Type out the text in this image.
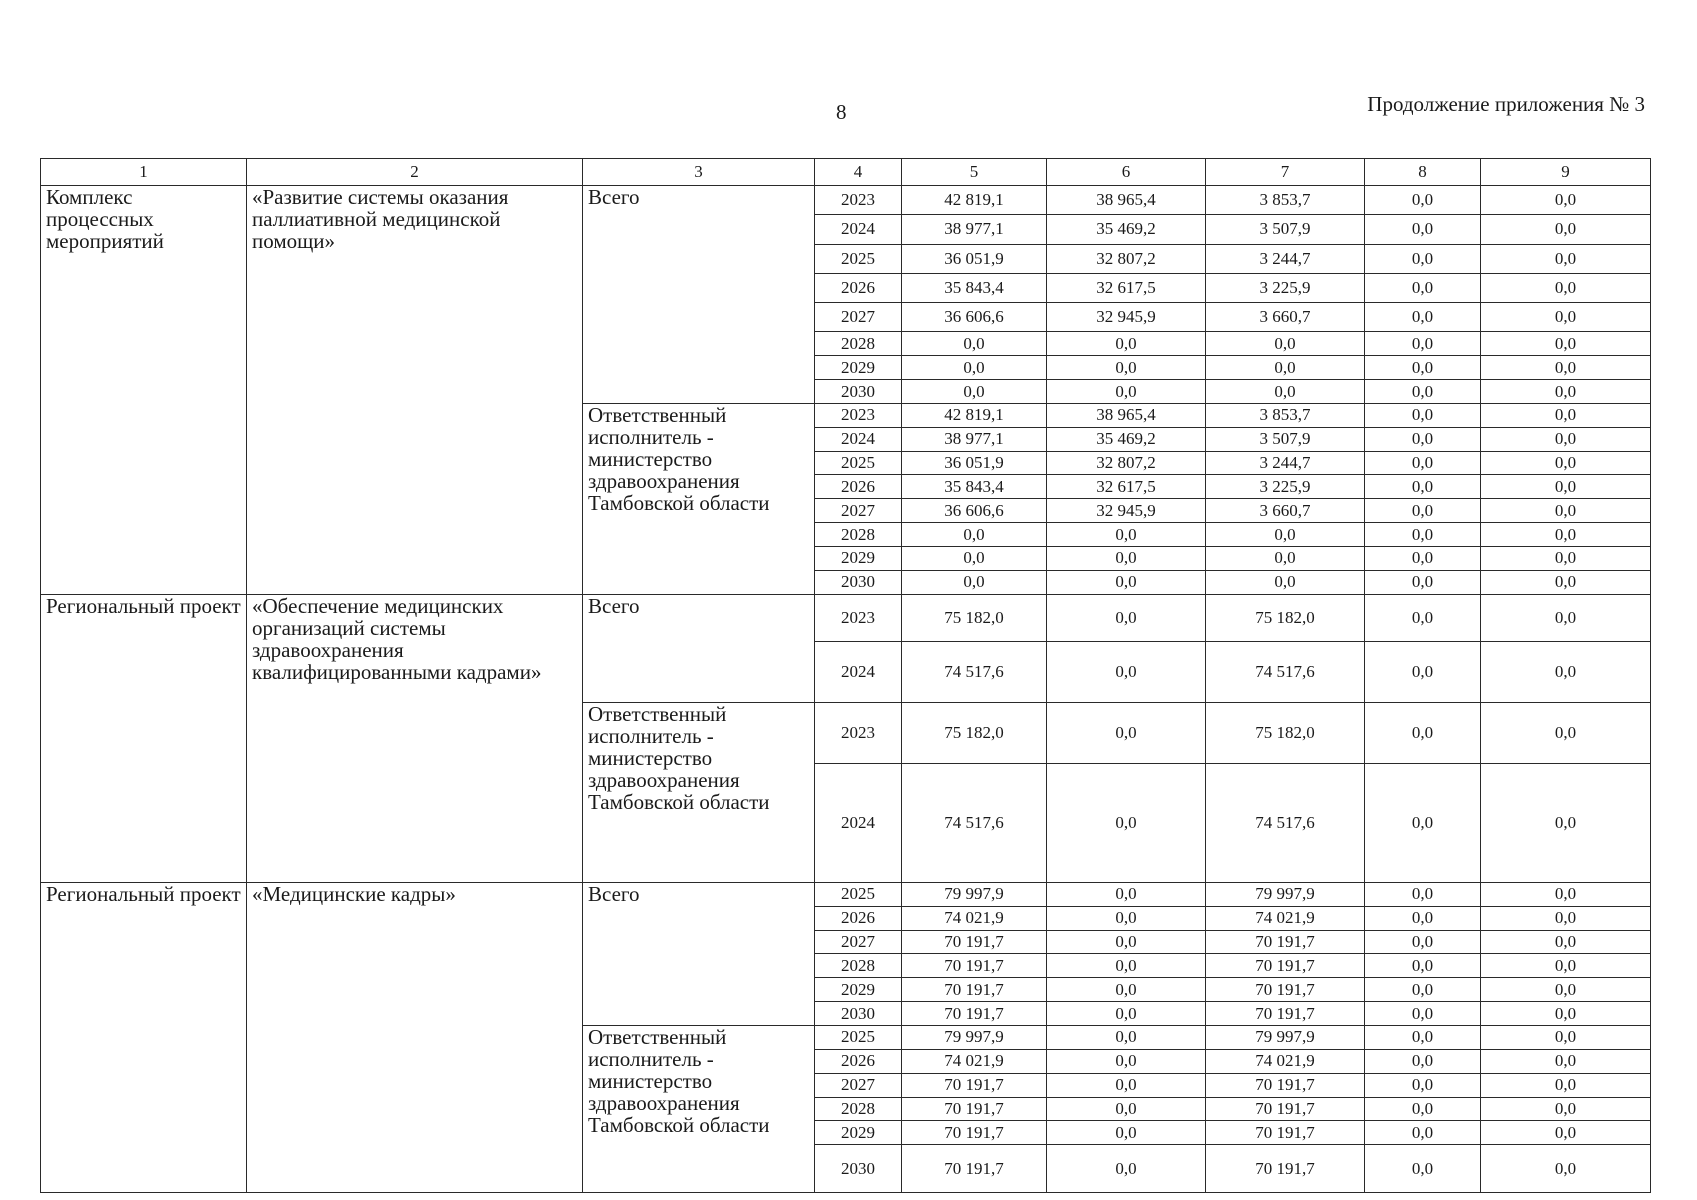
8	Продолжение приложения № 3
1	2	3	4	5	6	7	8	9
Комплекс процессных мероприятий	«Развитие системы оказания паллиативной медицинской помощи»	Всего	2023	42 819,1	38 965,4	3 853,7	0,0	0,0
			2024	38 977,1	35 469,2	3 507,9	0,0	0,0
			2025	36 051,9	32 807,2	3 244,7	0,0	0,0
			2026	35 843,4	32 617,5	3 225,9	0,0	0,0
			2027	36 606,6	32 945,9	3 660,7	0,0	0,0
			2028	0,0	0,0	0,0	0,0	0,0
			2029	0,0	0,0	0,0	0,0	0,0
			2030	0,0	0,0	0,0	0,0	0,0
		Ответственный исполнитель - министерство здравоохранения Тамбовской области	2023	42 819,1	38 965,4	3 853,7	0,0	0,0
			2024	38 977,1	35 469,2	3 507,9	0,0	0,0
			2025	36 051,9	32 807,2	3 244,7	0,0	0,0
			2026	35 843,4	32 617,5	3 225,9	0,0	0,0
			2027	36 606,6	32 945,9	3 660,7	0,0	0,0
			2028	0,0	0,0	0,0	0,0	0,0
			2029	0,0	0,0	0,0	0,0	0,0
			2030	0,0	0,0	0,0	0,0	0,0
Региональный проект	«Обеспечение медицинских организаций системы здравоохранения квалифицированными кадрами»	Всего	2023	75 182,0	0,0	75 182,0	0,0	0,0
			2024	74 517,6	0,0	74 517,6	0,0	0,0
		Ответственный исполнитель - министерство здравоохранения Тамбовской области	2023	75 182,0	0,0	75 182,0	0,0	0,0
			2024	74 517,6	0,0	74 517,6	0,0	0,0
Региональный проект	«Медицинские кадры»	Всего	2025	79 997,9	0,0	79 997,9	0,0	0,0
			2026	74 021,9	0,0	74 021,9	0,0	0,0
			2027	70 191,7	0,0	70 191,7	0,0	0,0
			2028	70 191,7	0,0	70 191,7	0,0	0,0
			2029	70 191,7	0,0	70 191,7	0,0	0,0
			2030	70 191,7	0,0	70 191,7	0,0	0,0
		Ответственный исполнитель - министерство здравоохранения Тамбовской области	2025	79 997,9	0,0	79 997,9	0,0	0,0
			2026	74 021,9	0,0	74 021,9	0,0	0,0
			2027	70 191,7	0,0	70 191,7	0,0	0,0
			2028	70 191,7	0,0	70 191,7	0,0	0,0
			2029	70 191,7	0,0	70 191,7	0,0	0,0
			2030	70 191,7	0,0	70 191,7	0,0	0,0
